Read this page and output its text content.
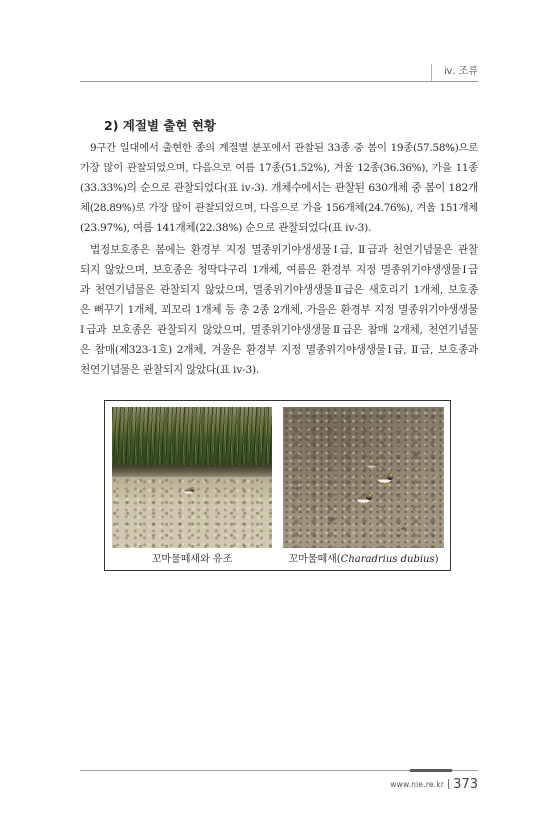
ⅳ. 조류
2) 계절별 출현 현황
9구간 일대에서 출현한 종의 계절별 분포에서 관찰된 33종 중 봄이 19종(57.58%)으로
가장 많이 관찰되었으며, 다음으로 여름 17종(51.52%), 겨울 12종(36.36%), 가을 11종
(33.33%)의 순으로 관찰되었다(표 ⅳ-3). 개체수에서는 관찰된 630개체 중 봄이 182개
체(28.89%)로 가장 많이 관찰되었으며, 다음으로 가을 156개체(24.76%), 겨울 151개체
(23.97%), 여름 141개체(22.38%) 순으로 관찰되었다(표 ⅳ-3).
법정보호종은 봄에는 환경부 지정 멸종위기야생생물Ⅰ급, Ⅱ급과 천연기념물은 관찰
되지 않았으며, 보호종은 청딱다구리 1개체, 여름은 환경부 지정 멸종위기야생생물Ⅰ급
과 천연기념물은 관찰되지 않았으며, 멸종위기야생생물Ⅱ급은 새호리기 1개체, 보호종
은 뻐꾸기 1개체, 꾀꼬리 1개체 등 총 2종 2개체, 가을은 환경부 지정 멸종위기야생생물
Ⅰ급과 보호종은 관찰되지 않았으며, 멸종위기야생생물Ⅱ급은 참매 2개체, 천연기념물
은 참매(제323-1호) 2개체, 겨울은 환경부 지정 멸종위기야생생물Ⅰ급, Ⅱ급, 보호종과
천연기념물은 관찰되지 않았다(표 ⅳ-3).
꼬마물떼새와 유조	꼬마물떼새(Charadrius dubius)
www.nie.re.kr 373
